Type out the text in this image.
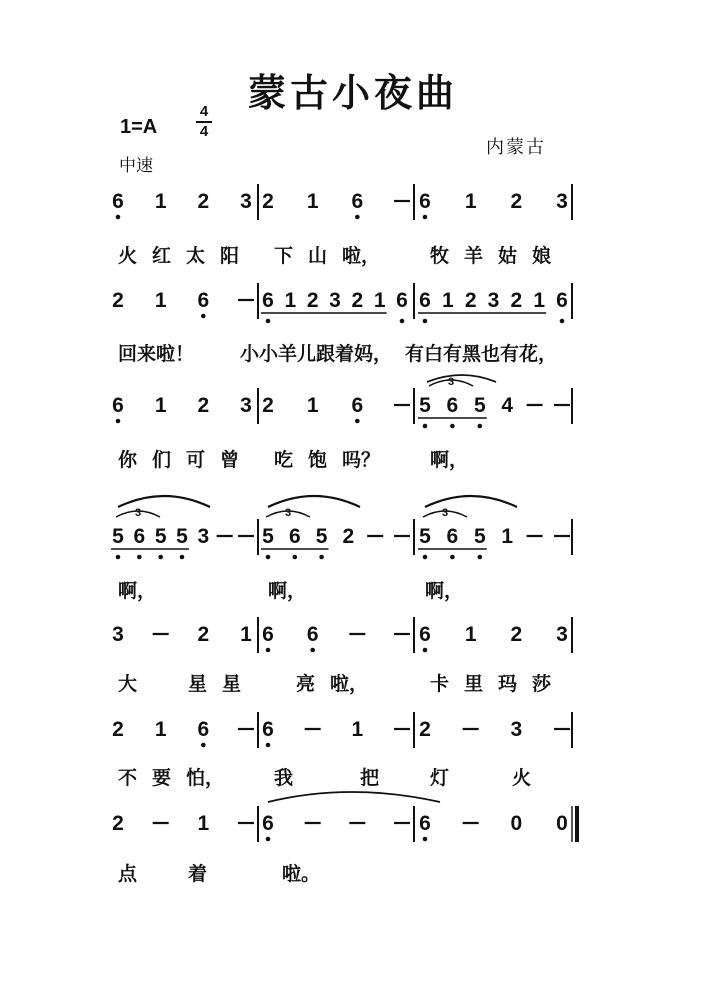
蒙古小夜曲
1=A
4
4
中速
内蒙古
6 1 2 3 2 1 6	6 1 2 3
火 红 太 阳 下 山 啦，	牧 羊 姑 娘
2 1 6	6 1 2 3 2 1 6 6 1 2 3 2 1 6
回来啦！ 小小羊儿跟着妈， 有白有黑也有花，
6 1 2 3 2 1 6	5 6 5 4
你 们 可 曾 吃 饱 吗？	啊，
5 6 5 5 3	5 6 5 2	5 6 5 1
啊，	啊，	啊，
3	2 1 6 6	6 1 2 3
大	星 星	亮 啦，	卡 里 玛 莎
2 1 6	6	1	2	3
不 要 怕，	我	把	灯	火
2	1	6	6	0 0
点	着	啦。
3
3	3	3
